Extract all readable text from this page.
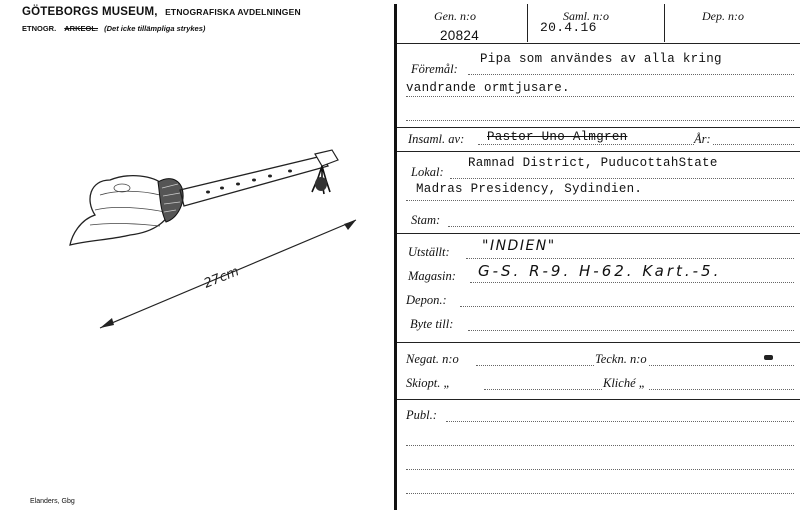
GÖTEBORGS MUSEUM, ETNOGRAFISKA AVDELNINGEN
ETNOGR. ARKEOL. (Det icke tillämpliga strykes)
27cm
Elanders, Gbg
Gen. n:o
20824
Saml. n:o
20.4.16
Dep. n:o
Föremål:
Pipa som användes av alla kring
vandrande ormtjusare.
Insaml. av: Pastor Uno Almgren	År:
Lokal:
Ramnad District, PuducottahState
Madras Presidency, Sydindien.
Stam:
Utställt: "INDIEN"
Magasin: G-S. R-9. H-62. Kart.-5.
Depon.:
Byte till:
Negat. n:o	Teckn. n:o
Skiopt. „	Kliché „
Publ.:
